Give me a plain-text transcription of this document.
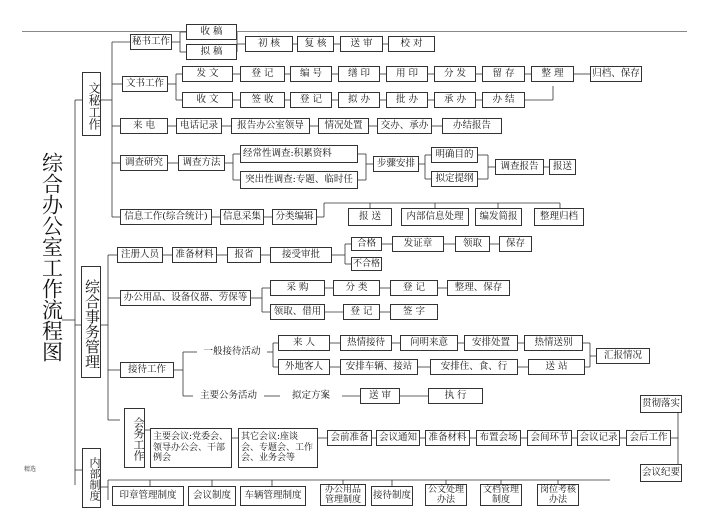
精选
综合办公室工作流程图
文秘工作
综合事务管理
内部制度
秘书工作
收 稿
拟 稿
初 核	复 核	送 审	校 对
文书工作
发 文	登 记	编 号	缮 印	用 印	分 发	留 存	整 理	归档、保存
收 文	签 收	登 记	拟 办	批 办	承 办	办 结
来 电	电话记录	报告办公室领导	情况处置	交办、承办	办结报告
调查研究	调查方法
经常性调查:积累资料
突出性调查:专题、临时任
步骤安排
明确目的
拟定提纲
调查报告	报送
信息工作(综合统计)	信息采集	分类编辑	报 送	内部信息处理	编发简报	整理归档
注册人员	准备材料	报省	接受审批
合格
不合格
发证章	领取	保存
办公用品、设备仪器、劳保等
采 购	分 类	登 记	整理、保存
领取、借用	登 记	签 字
接待工作
一般接待活动
来 人	热情接待	问明来意	安排处置	热情送别
汇报情况
外地客人	安排车辆、接站	安排住、食、行	送 站
主要公务活动	拟定方案	送 审	执 行
会务工作 主要会议:党委会、领导办公会、干部例会
其它会议:座谈会、专题会、工作会、业务会等
会前准备	会议通知	准备材料	布置会场	会间环节	会议记录	会后工作
贯彻落实
会议纪要
印章管理制度	会议制度	车辆管理制度	办公用品管理制度	接待制度	公文处理办法
文档管理制度
岗位考核办法
